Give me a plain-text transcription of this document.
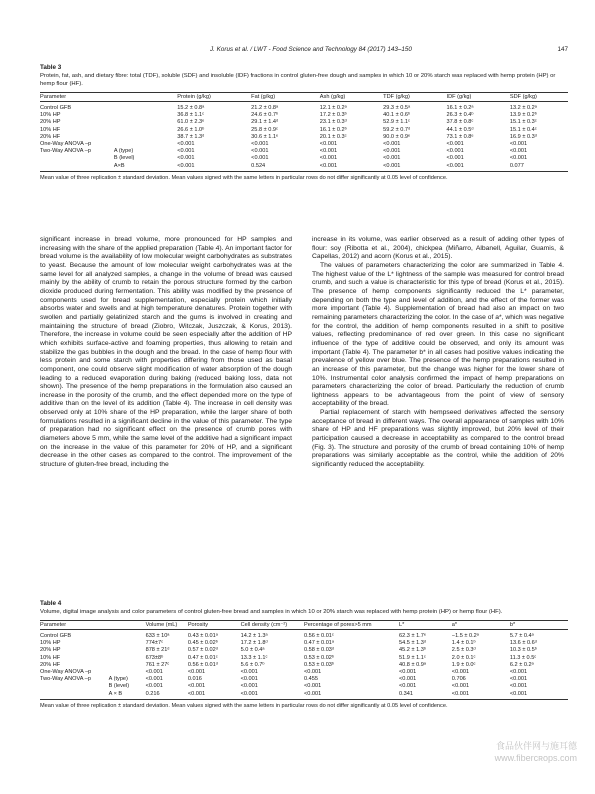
J. Korus et al. / LWT - Food Science and Technology 84 (2017) 143–150	147
Table 3
Protein, fat, ash, and dietary fibre: total (TDF), soluble (SDF) and insoluble (IDF) fractions in control gluten-free dough and samples in which 10 or 20% starch was replaced with hemp protein (HP) or hemp flour (HF).
Parameter		Protein (g/kg)	Fat (g/kg)	Ash (g/kg)	TDF (g/kg)	IDF (g/kg)	SDF (g/kg)
Control GFB		15.2 ± 0.8ᵃ	21.2 ± 0.8ᵃ	12.1 ± 0.2ᵃ	29.3 ± 0.5ᵃ	16.1 ± 0.2ᵃ	13.2 ± 0.2ᵃ
10% HP		36.8 ± 1.1ᶜ	24.6 ± 0.7ᵇ	17.2 ± 0.3ᵇ	40.1 ± 0.6ᵇ	26.3 ± 0.4ᵇ	13.9 ± 0.2ᵇ
20% HP		61.0 ± 2.3ᵉ	29.1 ± 1.4ᵈ	23.1 ± 0.3ᵈ	52.9 ± 1.1ᶜ	37.8 ± 0.8ᶜ	15.1 ± 0.3ᶜ
10% HF		26.6 ± 1.0ᵇ	25.8 ± 0.9ᶜ	16.1 ± 0.2ᵇ	59.2 ± 0.7ᵈ	44.1 ± 0.5ᵈ	15.1 ± 0.4ᶜ
20% HF		38.7 ± 1.3ᵈ	30.6 ± 1.1ᵉ	20.1 ± 0.3ᶜ	90.0 ± 0.9ᵉ	73.1 ± 0.8ᵉ	16.9 ± 0.3ᵈ
One-Way ANOVA –p		<0.001	<0.001	<0.001	<0.001	<0.001	<0.001
Two-Way ANOVA –p	A (type)	<0.001	<0.001	<0.001	<0.001	<0.001	<0.001
	B (level)	<0.001	<0.001	<0.001	<0.001	<0.001	<0.001
	A×B	<0.001	0.524	<0.001	<0.001	<0.001	0.077
Mean value of three replication ± standard deviation. Mean values signed with the same letters in particular rows do not differ significantly at 0.05 level of confidence.

significant increase in bread volume, more pronounced for HP samples and increasing with the share of the applied preparation (Table 4). An important factor for bread volume is the availability of low molecular weight carbohydrates as substrates to yeast. Because the amount of low molecular weight carbohydrates was at the same level for all analyzed samples, a change in the volume of bread was caused mainly by the ability of crumb to retain the porous structure formed by the carbon dioxide produced during fermentation. This ability was modified by the presence of components used for bread supplementation, especially protein which initially absorbs water and swells and at high temperature denatures. Protein together with swollen and partially gelatinized starch and the gums is involved in creating and maintaining the structure of bread (Ziobro, Witczak, Juszczak, & Korus, 2013). Therefore, the increase in volume could be seen especially after the addition of HP which exhibits surface-active and foaming properties, thus allowing to retain and stabilize the gas bubbles in the dough and the bread. In the case of hemp flour with less protein and some starch with properties differing from those used as basal component, one could observe slight modification of water absorption of the dough leading to a reduced evaporation during baking (reduced baking loss, data not shown). The presence of the hemp preparations in the formulation also caused an increase in the porosity of the crumb, and the effect depended more on the type of additive than on the level of its addition (Table 4). The increase in cell density was observed only at 10% share of the HP preparation, while the larger share of both formulations resulted in a significant decline in the value of this parameter. The type of preparation had no significant effect on the presence of crumb pores with diameters above 5 mm, while the same level of the additive had a significant impact on the increase in the value of this parameter for 20% of HP, and a significant decrease in the other cases as compared to the control. The improvement of the structure of gluten-free bread, including the

increase in its volume, was earlier observed as a result of adding other types of flour: soy (Ribotta et al., 2004), chickpea (Miñarro, Albanell, Aguilar, Guamis, & Capellas, 2012) and acorn (Korus et al., 2015).

The values of parameters characterizing the color are summarized in Table 4. The highest value of the L* lightness of the sample was measured for control bread crumb, and such a value is characteristic for this type of bread (Korus et al., 2015). The presence of hemp components significantly reduced the L* parameter, depending on both the type and level of addition, and the effect of the former was more important (Table 4). Supplementation of bread had also an impact on two remaining parameters characterizing the color. In the case of a*, which was negative for the control, the addition of hemp components resulted in a shift to positive values, reflecting predominance of red over green. In this case no significant influence of the type of additive could be observed, and only its amount was important (Table 4). The parameter b* in all cases had positive values indicating the prevalence of yellow over blue. The presence of the hemp preparations resulted in an increase of this parameter, but the change was higher for the lower share of 10%. Instrumental color analysis confirmed the impact of hemp preparations on parameters characterizing the color of bread. Particularly the reduction of crumb lightness appears to be advantageous from the point of view of sensory acceptability of the bread.

Partial replacement of starch with hempseed derivatives affected the sensory acceptance of bread in different ways. The overall appearance of samples with 10% share of HP and HF preparations was slightly improved, but 20% level of their participation caused a decrease in acceptability as compared to the control bread (Fig. 3). The structure and porosity of the crumb of bread containing 10% of hemp preparations was similarly acceptable as the control, while the addition of 20% significantly reduced the acceptability.

Table 4
Volume, digital image analysis and color parameters of control gluten-free bread and samples in which 10 or 20% starch was replaced with hemp protein (HP) or hemp flour (HF).
Parameter		Volume (mL)	Porosity	Cell density (cm⁻²)	Percentage of pores>5 mm	L*	a*	b*
Control GFB		633 ± 10ᵃ	0.43 ± 0.01ᵃ	14.2 ± 1.3ᵃ	0.56 ± 0.01ᶜ	62.3 ± 1.7ᵉ	−1.5 ± 0.2ᵃ	5.7 ± 0.4ᵃ
10% HP		774±7ᶜ	0.45 ± 0.02ᵇ	17.2 ± 1.8ᵈ	0.47 ± 0.01ᵃ	54.5 ± 1.3ᵈ	1.4 ± 0.1ᵇ	13.6 ± 0.6ᵈ
20% HP		878 ± 21ᵈ	0.57 ± 0.02ᵈ	5.0 ± 0.4ᵃ	0.58 ± 0.03ᵈ	45.2 ± 1.3ᵇ	2.5 ± 0.3ᵈ	10.3 ± 0.5ᵇ
10% HF		673±8ᵇ	0.47 ± 0.01ᶜ	13.3 ± 1.1ᶜ	0.53 ± 0.02ᵇ	51.9 ± 1.1ᶜ	2.0 ± 0.1ᶜ	11.3 ± 0.5ᶜ
20% HF		761 ± 27ᶜ	0.56 ± 0.01ᵈ	5.6 ± 0.7ᵇ	0.53 ± 0.03ᵇ	40.8 ± 0.9ᵃ	1.9 ± 0.0ᶜ	6.2 ± 0.2ᵃ
One-Way ANOVA –p		<0.001	<0.001	<0.001	<0.001	<0.001	<0.001	<0.001
Two-Way ANOVA –p	A (type)	<0.001	0.016	<0.001	0.455	<0.001	0.706	<0.001
	B (level)	<0.001	<0.001	<0.001	<0.001	<0.001	<0.001	<0.001
	A × B	0.216	<0.001	<0.001	<0.001	0.341	<0.001	<0.001
Mean value of three replication ± standard deviation. Mean values signed with the same letters in particular rows do not differ significantly at 0.05 level of confidence.
食品伙伴网与施耳德
www.fibercʀops.com
